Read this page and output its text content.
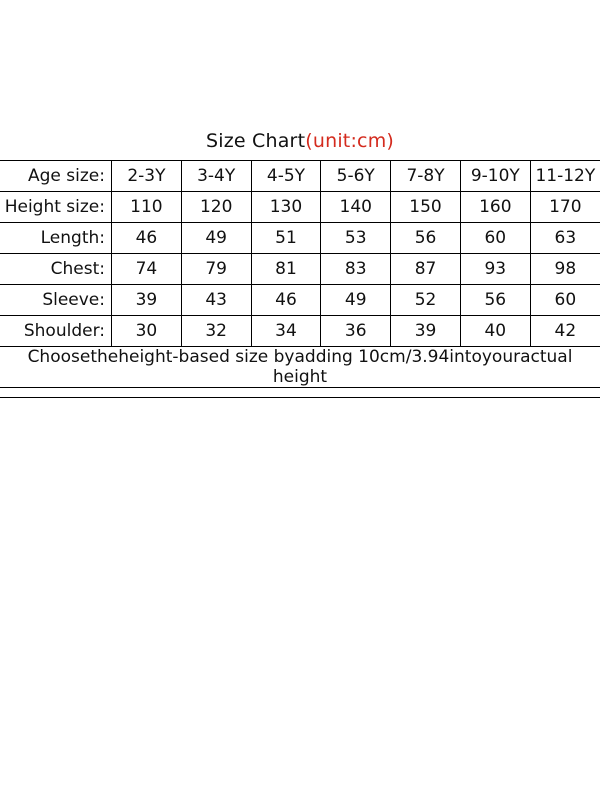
Size Chart(unit:cm)
Age size:	2-3Y	3-4Y	4-5Y	5-6Y	7-8Y	9-10Y	11-12Y
Height size:	110	120	130	140	150	160	170
Length:	46	49	51	53	56	60	63
Chest:	74	79	81	83	87	93	98
Sleeve:	39	43	46	49	52	56	60
Shoulder:	30	32	34	36	39	40	42
Choosetheheight-based size byadding 10cm/3.94intoyouractual height							
